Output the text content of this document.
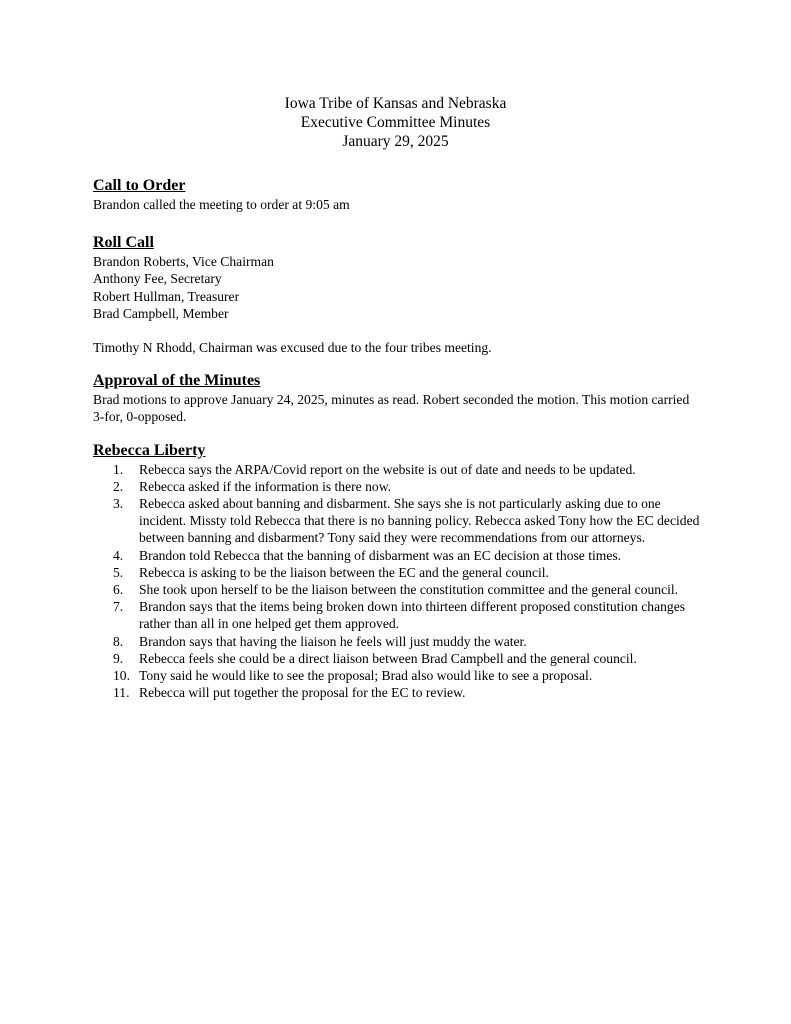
Iowa Tribe of Kansas and Nebraska
Executive Committee Minutes
January 29, 2025
Call to Order
Brandon called the meeting to order at 9:05 am
Roll Call
Brandon Roberts, Vice Chairman
Anthony Fee, Secretary
Robert Hullman, Treasurer
Brad Campbell, Member
Timothy N Rhodd, Chairman was excused due to the four tribes meeting.
Approval of the Minutes
Brad motions to approve January 24, 2025, minutes as read. Robert seconded the motion. This motion carried 3-for, 0-opposed.
Rebecca Liberty
1. Rebecca says the ARPA/Covid report on the website is out of date and needs to be updated.
2. Rebecca asked if the information is there now.
3. Rebecca asked about banning and disbarment. She says she is not particularly asking due to one incident. Missty told Rebecca that there is no banning policy. Rebecca asked Tony how the EC decided between banning and disbarment? Tony said they were recommendations from our attorneys.
4. Brandon told Rebecca that the banning of disbarment was an EC decision at those times.
5. Rebecca is asking to be the liaison between the EC and the general council.
6. She took upon herself to be the liaison between the constitution committee and the general council.
7. Brandon says that the items being broken down into thirteen different proposed constitution changes rather than all in one helped get them approved.
8. Brandon says that having the liaison he feels will just muddy the water.
9. Rebecca feels she could be a direct liaison between Brad Campbell and the general council.
10. Tony said he would like to see the proposal; Brad also would like to see a proposal.
11. Rebecca will put together the proposal for the EC to review.
